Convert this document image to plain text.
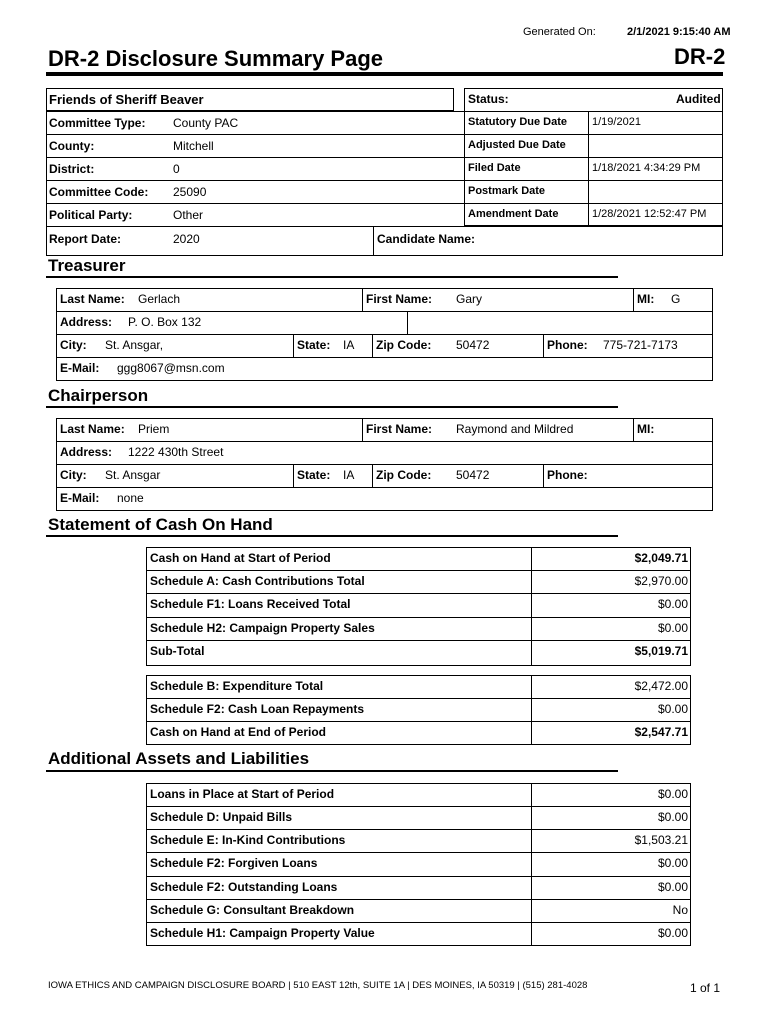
Generated On:	2/1/2021 9:15:40 AM
DR-2 Disclosure Summary Page	DR-2
Friends of Sheriff Beaver
Committee Type: County PAC
County:	Mitchell
District:	0
Committee Code: 25090
Political Party:	Other
Report Date:	2020	Candidate Name:
Status:	Audited
Statutory Due Date 1/19/2021
Adjusted Due Date
Filed Date	1/18/2021 4:34:29 PM
Postmark Date
Amendment Date	1/28/2021 12:52:47 PM
Treasurer
Last Name: Gerlach	First Name: Gary	MI: G
Address: P. O. Box 132
City: St. Ansgar,	State: IA Zip Code: 50472	Phone: 775-721-7173
E-Mail: ggg8067@msn.com
Chairperson
Last Name: Priem	First Name: Raymond and Mildred	MI:
Address: 1222 430th Street
City: St. Ansgar	State: IA Zip Code: 50472	Phone:
E-Mail: none
Statement of Cash On Hand
Cash on Hand at Start of Period	$2,049.71
Schedule A: Cash Contributions Total	$2,970.00
Schedule F1: Loans Received Total	$0.00
Schedule H2: Campaign Property Sales	$0.00
Sub-Total	$5,019.71
Schedule B: Expenditure Total	$2,472.00
Schedule F2: Cash Loan Repayments	$0.00
Cash on Hand at End of Period	$2,547.71
Additional Assets and Liabilities
Loans in Place at Start of Period	$0.00
Schedule D: Unpaid Bills	$0.00
Schedule E: In-Kind Contributions	$1,503.21
Schedule F2: Forgiven Loans	$0.00
Schedule F2: Outstanding Loans	$0.00
Schedule G: Consultant Breakdown	No
Schedule H1: Campaign Property Value	$0.00
IOWA ETHICS AND CAMPAIGN DISCLOSURE BOARD | 510 EAST 12th, SUITE 1A | DES MOINES, IA 50319 | (515) 281-4028	1 of 1
